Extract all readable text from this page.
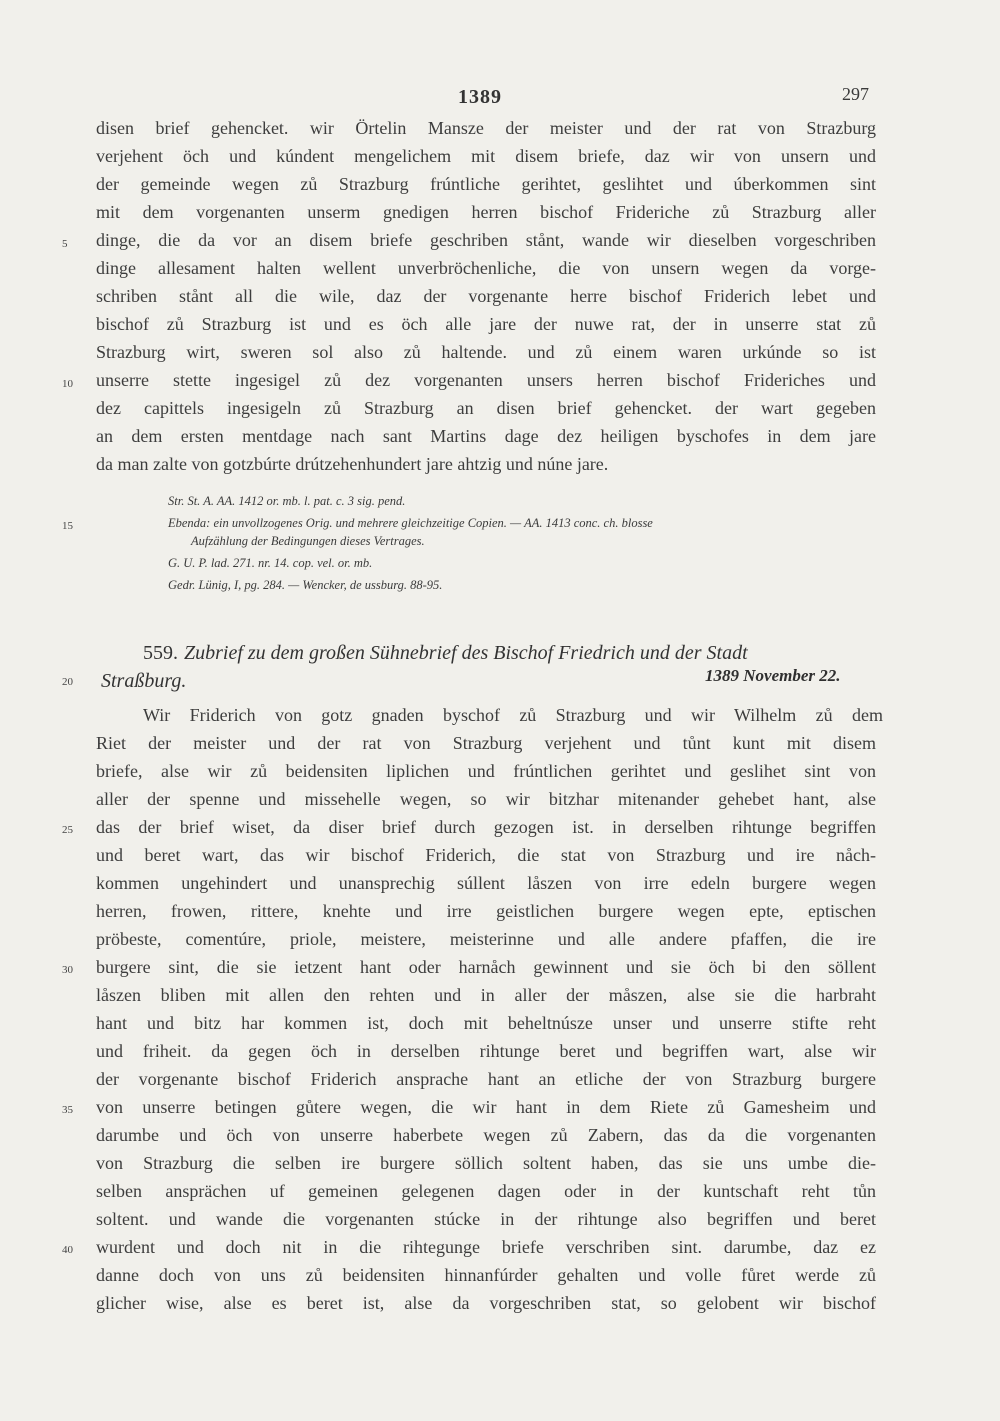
1389	297
disen brief gehencket. wir Örtelin Mansze der meister und der rat von Strazburg
verjehent öch und kúndent mengelichem mit disem briefe, daz wir von unsern und
der gemeinde wegen zů Strazburg frúntliche gerihtet, geslihtet und úberkommen sint
mit dem vorgenanten unserm gnedigen herren bischof Frideriche zů Strazburg aller
dinge, die da vor an disem briefe geschriben stånt, wande wir dieselben vorgeschriben
dinge allesament halten wellent unverbröchenliche, die von unsern wegen da vorge-
schriben stånt all die wile, daz der vorgenante herre bischof Friderich lebet und
bischof zů Strazburg ist und es öch alle jare der nuwe rat, der in unserre stat zů
Strazburg wirt, sweren sol also zů haltende. und zů einem waren urkúnde so ist
unserre stette ingesigel zů dez vorgenanten unsers herren bischof Frideriches und
dez capittels ingesigeln zů Strazburg an disen brief gehencket. der wart gegeben
an dem ersten mentdage nach sant Martins dage dez heiligen byschofes in dem jare
da man zalte von gotzbúrte drútzehenhundert jare ahtzig und núne jare.
Str. St. A. AA. 1412 or. mb. l. pat. c. 3 sig. pend.
Ebenda: ein unvollzogenes Orig. und mehrere gleichzeitige Copien. — AA. 1413 conc. ch. blosse
Aufzählung der Bedingungen dieses Vertrages.
G. U. P. lad. 271. nr. 14. cop. vel. or. mb.
Gedr. Lünig, I, pg. 284. — Wencker, de ussburg. 88-95.
559. Zubrief zu dem großen Sühnebrief des Bischof Friedrich und der Stadt
Straßburg.	1389 November 22.
Wir Friderich von gotz gnaden byschof zů Strazburg und wir Wilhelm zů dem
Riet der meister und der rat von Strazburg verjehent und tůnt kunt mit disem
briefe, alse wir zů beidensiten liplichen und frúntlichen gerihtet und geslihet sint von
aller der spenne und missehelle wegen, so wir bitzhar mitenander gehebet hant, alse
das der brief wiset, da diser brief durch gezogen ist. in derselben rihtunge begriffen
und beret wart, das wir bischof Friderich, die stat von Strazburg und ire nåch-
kommen ungehindert und unansprechig súllent låszen von irre edeln burgere wegen
herren, frowen, rittere, knehte und irre geistlichen burgere wegen epte, eptischen
pröbeste, comentúre, priole, meistere, meisterinne und alle andere pfaffen, die ire
burgere sint, die sie ietzent hant oder harnåch gewinnent und sie öch bi den söllent
låszen bliben mit allen den rehten und in aller der måszen, alse sie die harbraht
hant und bitz har kommen ist, doch mit beheltnúsze unser und unserre stifte reht
und friheit. da gegen öch in derselben rihtunge beret und begriffen wart, alse wir
der vorgenante bischof Friderich ansprache hant an etliche der von Strazburg burgere
von unserre betingen gůtere wegen, die wir hant in dem Riete zů Gamesheim und
darumbe und öch von unserre haberbete wegen zů Zabern, das da die vorgenanten
von Strazburg die selben ire burgere söllich soltent haben, das sie uns umbe die-
selben ansprächen uf gemeinen gelegenen dagen oder in der kuntschaft reht tůn
soltent. und wande die vorgenanten stúcke in der rihtunge also begriffen und beret
wurdent und doch nit in die rihtegunge briefe verschriben sint. darumbe, daz ez
danne doch von uns zů beidensiten hinnanfúrder gehalten und volle fůret werde zů
glicher wise, alse es beret ist, alse da vorgeschriben stat, so gelobent wir bischof
5
10
15
20
25
30
35
40
